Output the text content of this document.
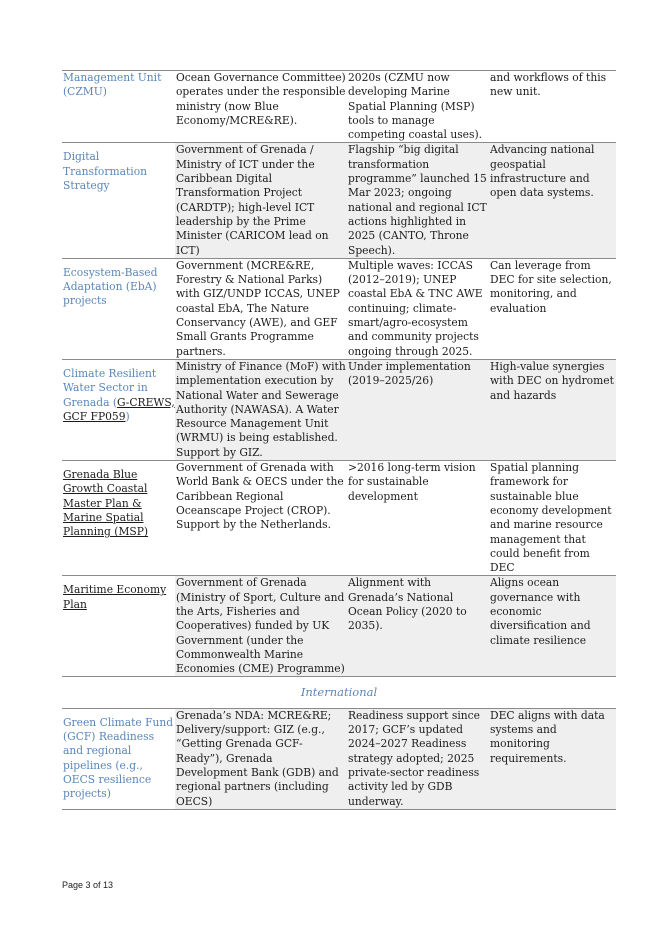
Management Unit (CZMU)	Ocean Governance Committee) operates under the responsible ministry (now Blue Economy/MCRE&RE).	2020s (CZMU now developing Marine Spatial Planning (MSP) tools to manage competing coastal uses).	and workflows of this new unit.

Digital Transformation Strategy	Government of Grenada / Ministry of ICT under the Caribbean Digital Transformation Project (CARDTP); high-level ICT leadership by the Prime Minister (CARICOM lead on ICT)	Flagship “big digital transformation programme” launched 15 Mar 2023; ongoing national and regional ICT actions highlighted in 2025 (CANTO, Throne Speech).	Advancing national geospatial infrastructure and open data systems.

Ecosystem-Based Adaptation (EbA) projects	Government (MCRE&RE, Forestry & National Parks) with GIZ/UNDP ICCAS, UNEP coastal EbA, The Nature Conservancy (AWE), and GEF Small Grants Programme partners.	Multiple waves: ICCAS (2012–2019); UNEP coastal EbA & TNC AWE continuing; climate-smart/agro-ecosystem and community projects ongoing through 2025.	Can leverage from DEC for site selection, monitoring, and evaluation

Climate Resilient Water Sector in Grenada (G-CREWS, GCF FP059)	Ministry of Finance (MoF) with implementation execution by National Water and Sewerage Authority (NAWASA). A Water Resource Management Unit (WRMU) is being established. Support by GIZ.	Under implementation (2019–2025/26)	High-value synergies with DEC on hydromet and hazards

Grenada Blue Growth Coastal Master Plan & Marine Spatial Planning (MSP)	Government of Grenada with World Bank & OECS under the Caribbean Regional Oceanscape Project (CROP). Support by the Netherlands.	>2016 long-term vision for sustainable development	Spatial planning framework for sustainable blue economy development and marine resource management that could benefit from DEC

Maritime Economy Plan	Government of Grenada (Ministry of Sport, Culture and the Arts, Fisheries and Cooperatives) funded by UK Government (under the Commonwealth Marine Economies (CME) Programme)	Alignment with Grenada’s National Ocean Policy (2020 to 2035).	Aligns ocean governance with economic diversification and climate resilience
International			

Green Climate Fund (GCF) Readiness and regional pipelines (e.g., OECS resilience projects)	Grenada’s NDA: MCRE&RE; Delivery/support: GIZ (e.g., “Getting Grenada GCF-Ready”), Grenada Development Bank (GDB) and regional partners (including OECS)	Readiness support since 2017; GCF’s updated 2024–2027 Readiness strategy adopted; 2025 private-sector readiness activity led by GDB underway.	DEC aligns with data systems and monitoring requirements.
Page 3 of 13
